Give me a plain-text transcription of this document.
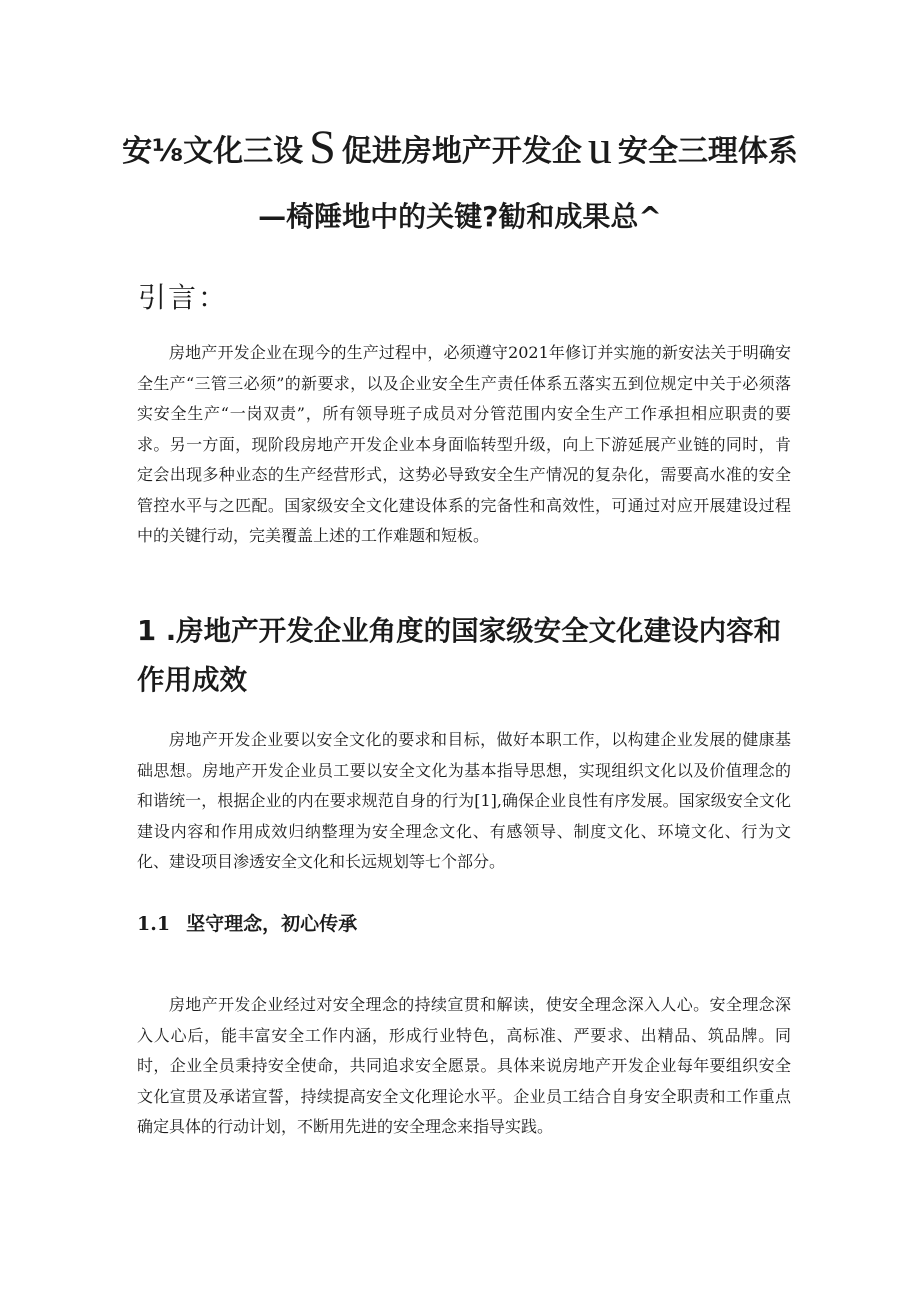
安⅛文化三设 S 促进房地产开发企 u 安全三理体系
—椅陲地中的关键?勧和成果总^
引言：

房地产开发企业在现今的生产过程中，必须遵守2021年修订并实施的新安法关于明确安全生产“三管三必须”的新要求，以及企业安全生产责任体系五落实五到位规定中关于必须落实安全生产“一岗双责”，所有领导班子成员对分管范围内安全生产工作承担相应职责的要求。另一方面，现阶段房地产开发企业本身面临转型升级，向上下游延展产业链的同时，肯定会出现多种业态的生产经营形式，这势必导致安全生产情况的复杂化，需要高水准的安全管控水平与之匹配。国家级安全文化建设体系的完备性和高效性，可通过对应开展建设过程中的关键行动，完美覆盖上述的工作难题和短板。

1 .房地产开发企业角度的国家级安全文化建设内容和作用成效

房地产开发企业要以安全文化的要求和目标，做好本职工作，以构建企业发展的健康基础思想。房地产开发企业员工要以安全文化为基本指导思想，实现组织文化以及价值理念的和谐统一，根据企业的内在要求规范自身的行为[1],确保企业良性有序发展。国家级安全文化建设内容和作用成效归纳整理为安全理念文化、有感领导、制度文化、环境文化、行为文化、建设项目渗透安全文化和长远规划等七个部分。

1.1 坚守理念，初心传承

房地产开发企业经过对安全理念的持续宣贯和解读，使安全理念深入人心。安全理念深入人心后，能丰富安全工作内涵，形成行业特色，高标准、严要求、出精品、筑品牌。同时，企业全员秉持安全使命，共同追求安全愿景。具体来说房地产开发企业每年要组织安全文化宣贯及承诺宣誓，持续提高安全文化理论水平。企业员工结合自身安全职责和工作重点确定具体的行动计划，不断用先进的安全理念来指导实践。
